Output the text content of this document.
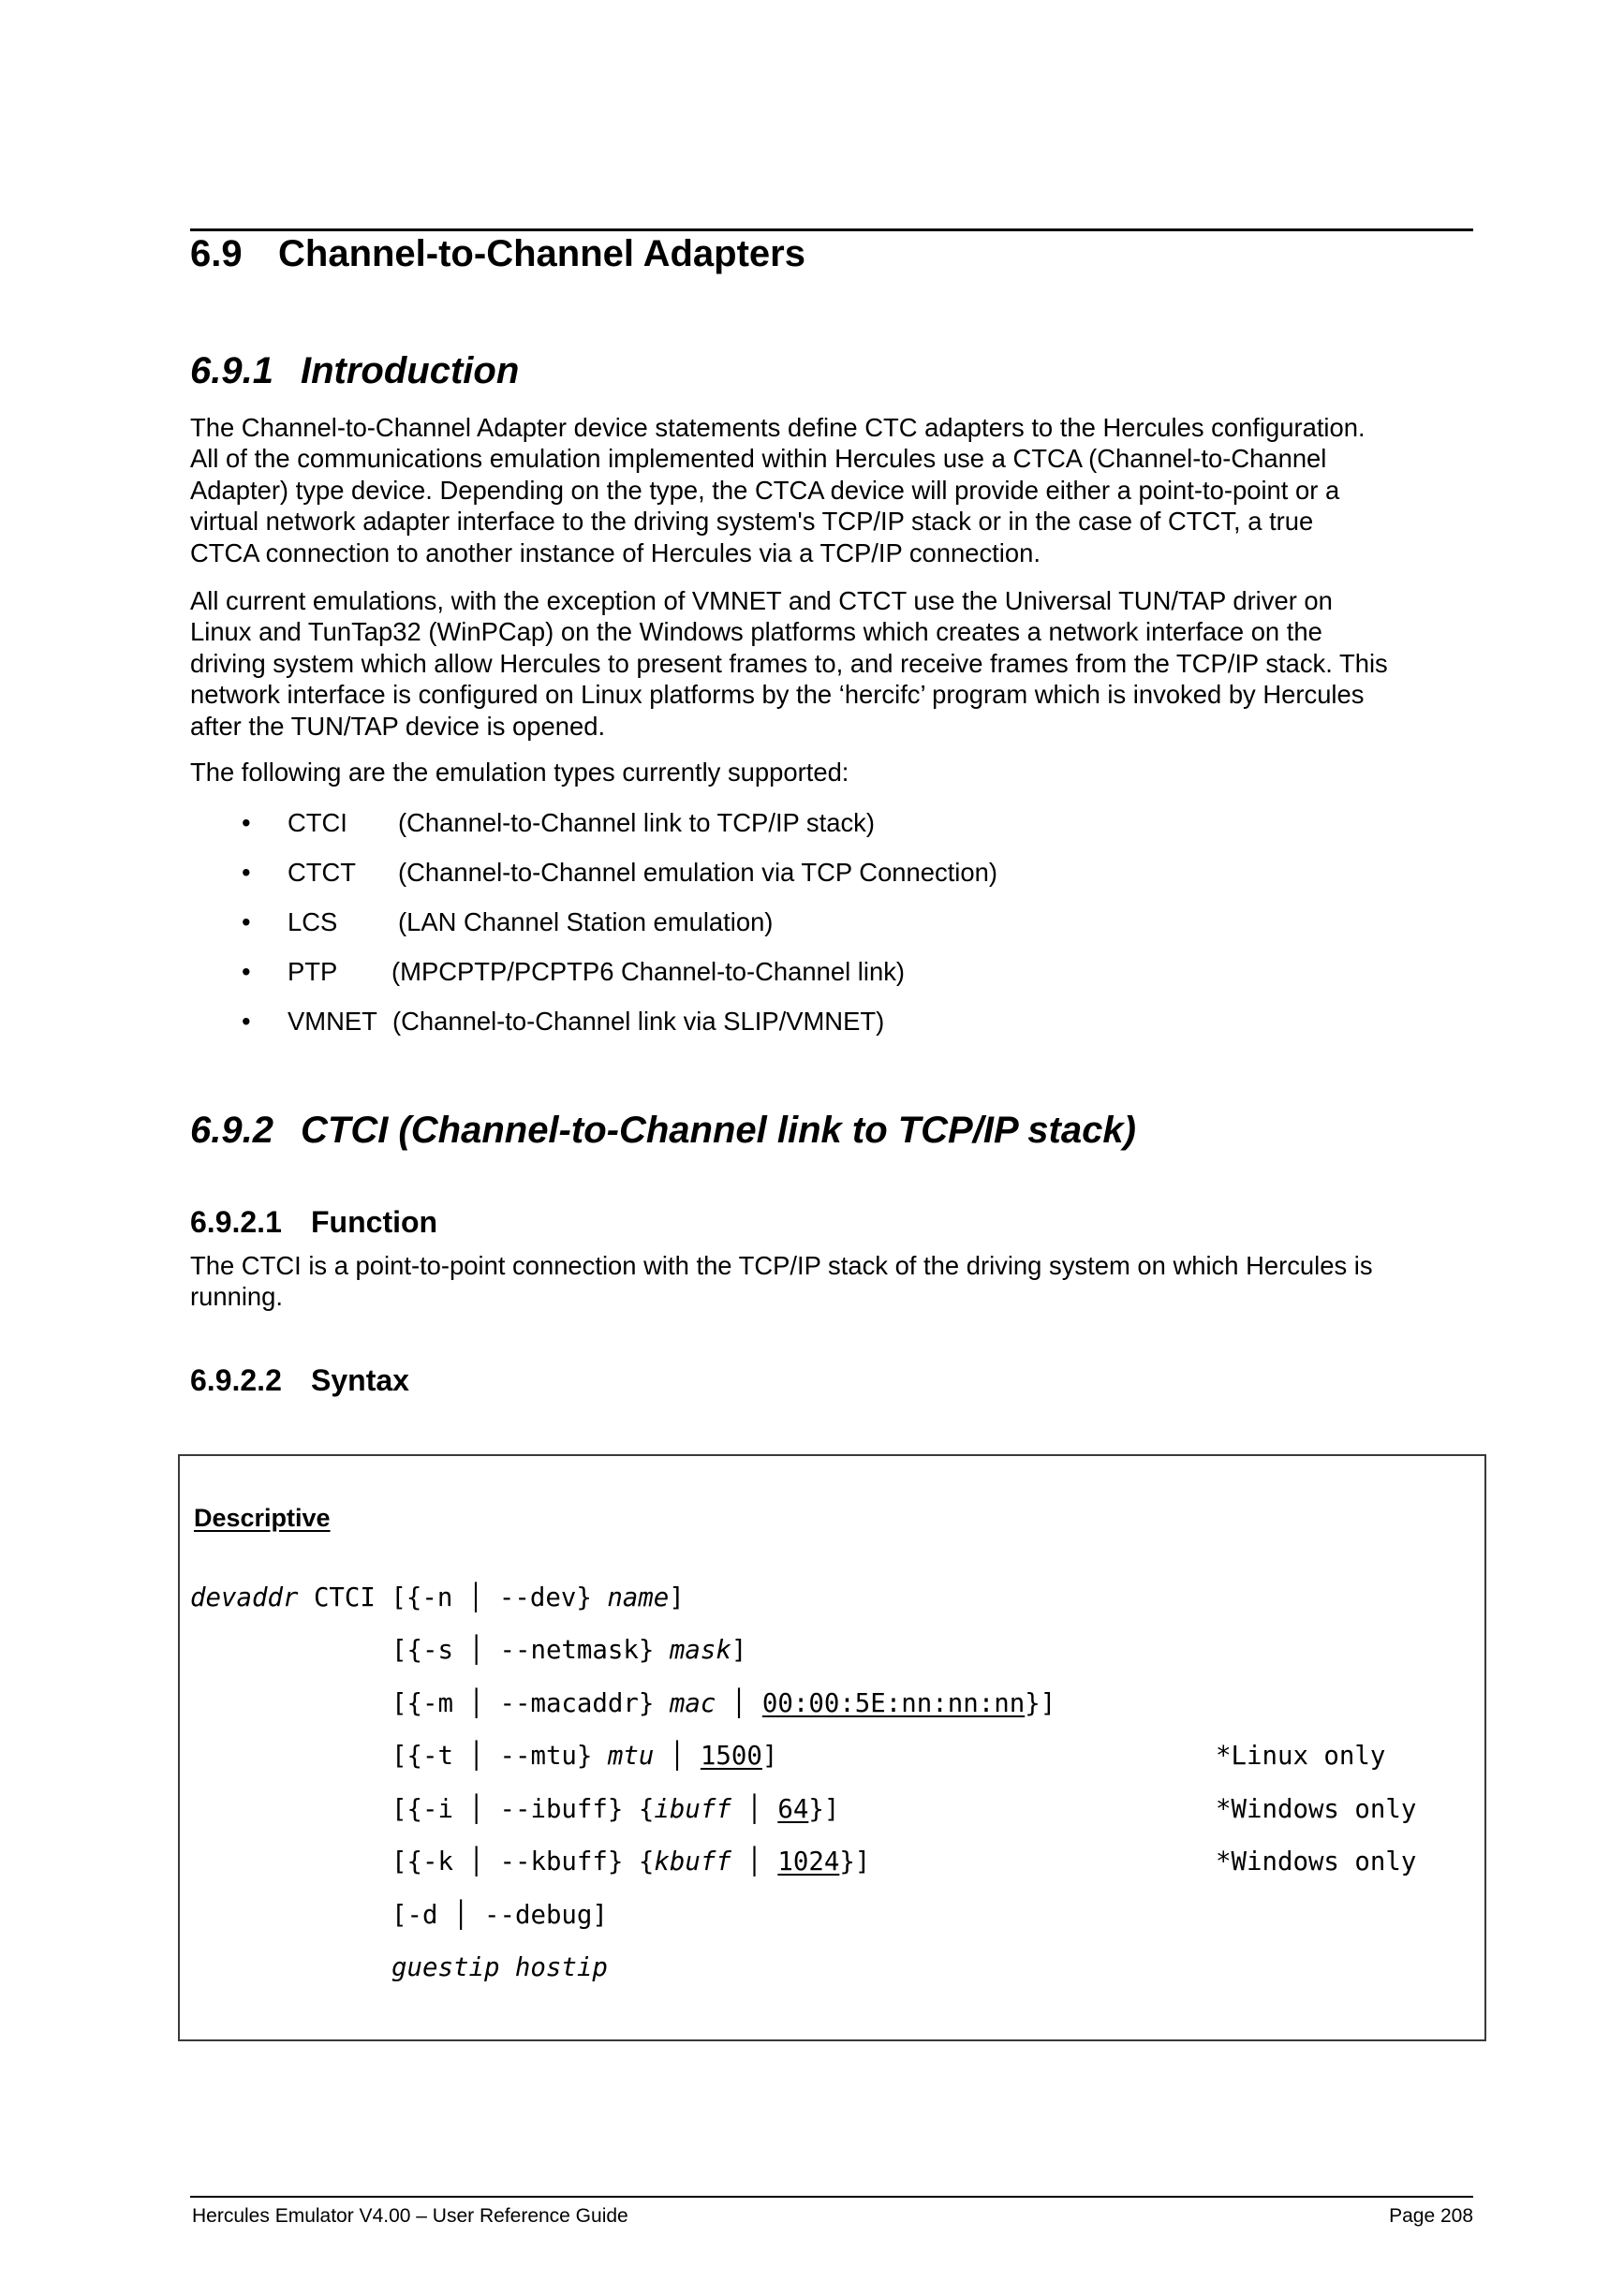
6.9 Channel-to-Channel Adapters
6.9.1 Introduction
The Channel-to-Channel Adapter device statements define CTC adapters to the Hercules configuration.
All of the communications emulation implemented within Hercules use a CTCA (Channel-to-Channel
Adapter) type device. Depending on the type, the CTCA device will provide either a point-to-point or a
virtual network adapter interface to the driving system's TCP/IP stack or in the case of CTCT, a true
CTCA connection to another instance of Hercules via a TCP/IP connection.
All current emulations, with the exception of VMNET and CTCT use the Universal TUN/TAP driver on
Linux and TunTap32 (WinPCap) on the Windows platforms which creates a network interface on the
driving system which allow Hercules to present frames to, and receive frames from the TCP/IP stack. This
network interface is configured on Linux platforms by the ‘hercifc’ program which is invoked by Hercules
after the TUN/TAP device is opened.
The following are the emulation types currently supported:
• CTCI (Channel-to-Channel link to TCP/IP stack)
• CTCT (Channel-to-Channel emulation via TCP Connection)
• LCS (LAN Channel Station emulation)
• PTP (MPCPTP/PCPTP6 Channel-to-Channel link)
• VMNET (Channel-to-Channel link via SLIP/VMNET)
6.9.2 CTCI (Channel-to-Channel link to TCP/IP stack)
6.9.2.1 Function
The CTCI is a point-to-point connection with the TCP/IP stack of the driving system on which Hercules is
running.
6.9.2.2 Syntax
Descriptive
devaddr CTCI [{-n │ --dev} name]
[{-s │ --netmask} mask]
[{-m │ --macaddr} mac │ 00:00:5E:nn:nn:nn}]
[{-t │ --mtu} mtu │ 1500]	*Linux only
[{-i │ --ibuff} {ibuff │ 64}]	*Windows only
[{-k │ --kbuff} {kbuff │ 1024}]	*Windows only
[-d │ --debug]
guestip hostip
Hercules Emulator V4.00 – User Reference Guide	Page 208
